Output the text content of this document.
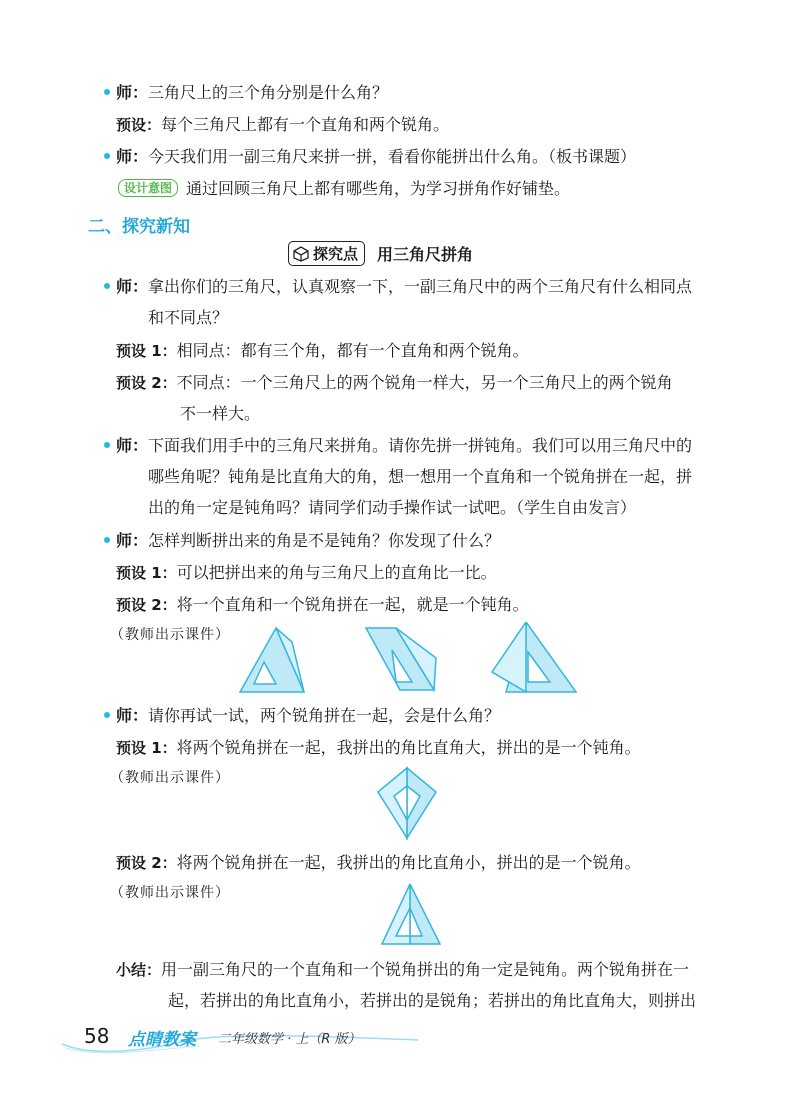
师：三角尺上的三个角分别是什么角？
预设：每个三角尺上都有一个直角和两个锐角。
师：今天我们用一副三角尺来拼一拼，看看你能拼出什么角。（板书课题）
设计意图 通过回顾三角尺上都有哪些角，为学习拼角作好铺垫。
二、探究新知
探究点 用三角尺拼角
师：拿出你们的三角尺，认真观察一下，一副三角尺中的两个三角尺有什么相同点
和不同点？
预设 1：相同点：都有三个角，都有一个直角和两个锐角。
预设 2：不同点：一个三角尺上的两个锐角一样大，另一个三角尺上的两个锐角
不一样大。
师：下面我们用手中的三角尺来拼角。请你先拼一拼钝角。我们可以用三角尺中的
哪些角呢？钝角是比直角大的角，想一想用一个直角和一个锐角拼在一起，拼
出的角一定是钝角吗？请同学们动手操作试一试吧。（学生自由发言）
师：怎样判断拼出来的角是不是钝角？你发现了什么？
预设 1：可以把拼出来的角与三角尺上的直角比一比。
预设 2：将一个直角和一个锐角拼在一起，就是一个钝角。
（教师出示课件）
师：请你再试一试，两个锐角拼在一起，会是什么角？
预设 1：将两个锐角拼在一起，我拼出的角比直角大，拼出的是一个钝角。
（教师出示课件）
预设 2：将两个锐角拼在一起，我拼出的角比直角小，拼出的是一个锐角。
（教师出示课件）
小结：用一副三角尺的一个直角和一个锐角拼出的角一定是钝角。两个锐角拼在一
起，若拼出的角比直角小，若拼出的是锐角；若拼出的角比直角大，则拼出
58 点睛教案 二年级数学 · 上（R 版）
